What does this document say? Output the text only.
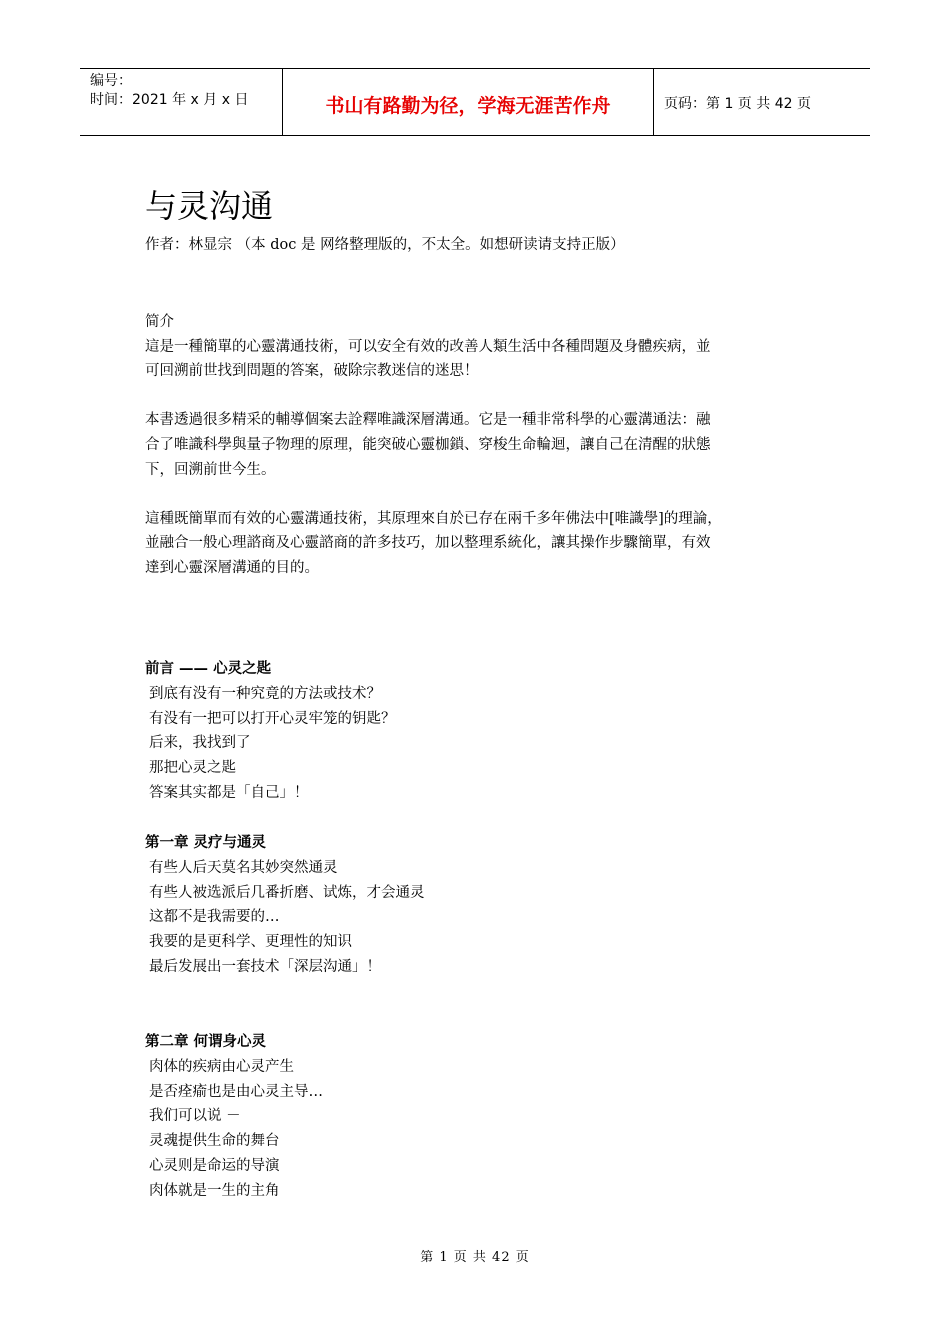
编号：
时间：2021 年 x 月 x 日	书山有路勤为径，学海无涯苦作舟	页码：第 1 页 共 42 页
与灵沟通
作者：林显宗 （本 doc 是 网络整理版的，不太全。如想研读请支持正版）
简介
這是一種簡單的心靈溝通技術，可以安全有效的改善人類生活中各種問題及身體疾病，並
可回溯前世找到問題的答案，破除宗教迷信的迷思！
本書透過很多精采的輔導個案去詮釋唯識深層溝通。它是一種非常科學的心靈溝通法：融
合了唯識科學與量子物理的原理，能突破心靈枷鎖、穿梭生命輪迴，讓自己在清醒的狀態
下，回溯前世今生。
這種既簡單而有效的心靈溝通技術，其原理來自於已存在兩千多年佛法中[唯識學]的理論，
並融合一般心理諮商及心靈諮商的許多技巧，加以整理系統化，讓其操作步驟簡單，有效
達到心靈深層溝通的目的。
前言 —— 心灵之匙
到底有没有一种究竟的方法或技术？
有没有一把可以打开心灵牢笼的钥匙？
后来，我找到了
那把心灵之匙
答案其实都是「自己」！
第一章 灵疗与通灵
有些人后天莫名其妙突然通灵
有些人被选派后几番折磨、试炼，才会通灵
这都不是我需要的…
我要的是更科学、更理性的知识
最后发展出一套技术「深层沟通」！
第二章 何谓身心灵
肉体的疾病由心灵产生
是否痊瘉也是由心灵主导…
我们可以说 －
灵魂提供生命的舞台
心灵则是命运的导演
肉体就是一生的主角
第 1 页 共 42 页
